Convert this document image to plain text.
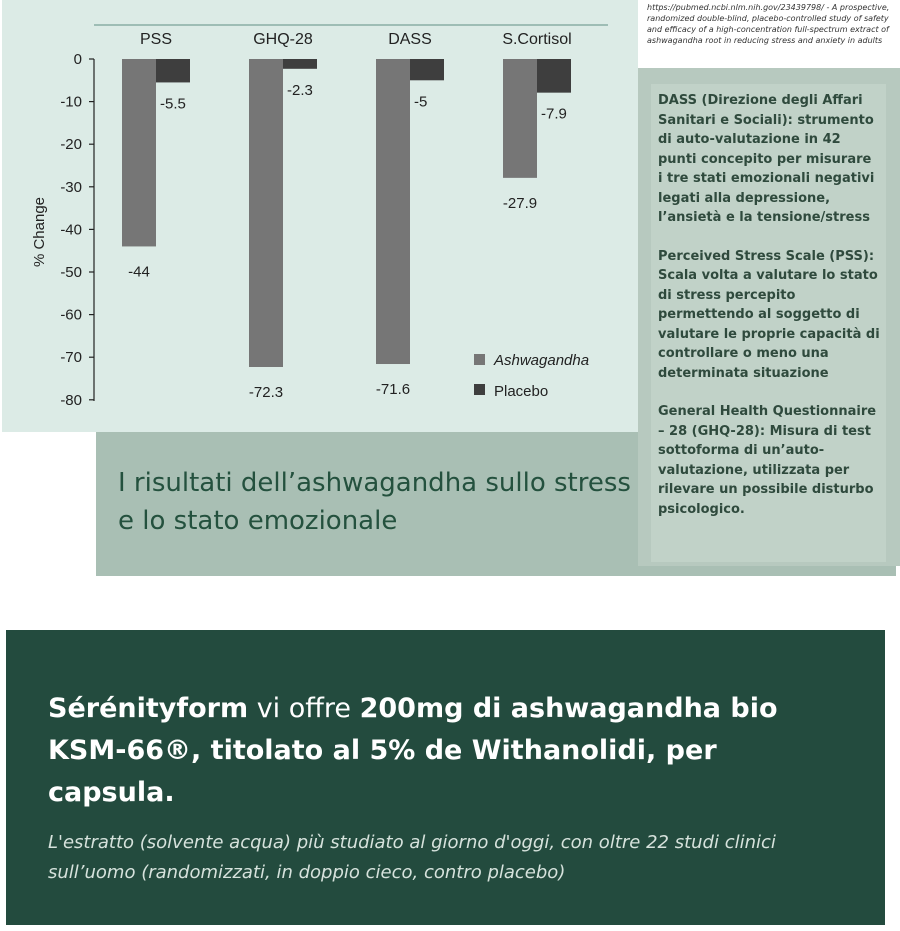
0
-10
-20
-30
-40
-50
-60
-70
-80
PSS	GHQ-28	DASS	S.Cortisol
-44
-72.3	-71.6
-27.9
-5.5
-2.3
-5
-7.9
% Change
Ashwagandha
Placebo
https://pubmed.ncbi.nlm.nih.gov/23439798/ - A prospective, randomized double-blind, placebo-controlled study of safety and efficacy of a high-concentration full-spectrum extract of ashwagandha root in reducing stress and anxiety in adults
I risultati dell’ashwagandha sullo stress e lo stato emozionale

DASS (Direzione degli Affari Sanitari e Sociali): strumento di auto-valutazione in 42 punti concepito per misurare i tre stati emozionali negativi legati alla depressione, l’ansietà e la tensione/stress

Perceived Stress Scale (PSS): Scala volta a valutare lo stato di stress percepito permettendo al soggetto di valutare le proprie capacità di controllare o meno una determinata situazione

General Health Questionnaire – 28 (GHQ-28): Misura di test sottoforma di un’auto-valutazione, utilizzata per rilevare un possibile disturbo psicologico.

Sérénityform vi offre 200mg di ashwagandha bio KSM-66®, titolato al 5% de Withanolidi, per capsula.

L'estratto (solvente acqua) più studiato al giorno d'oggi, con oltre 22 studi clinici sull’uomo (randomizzati, in doppio cieco, contro placebo)
